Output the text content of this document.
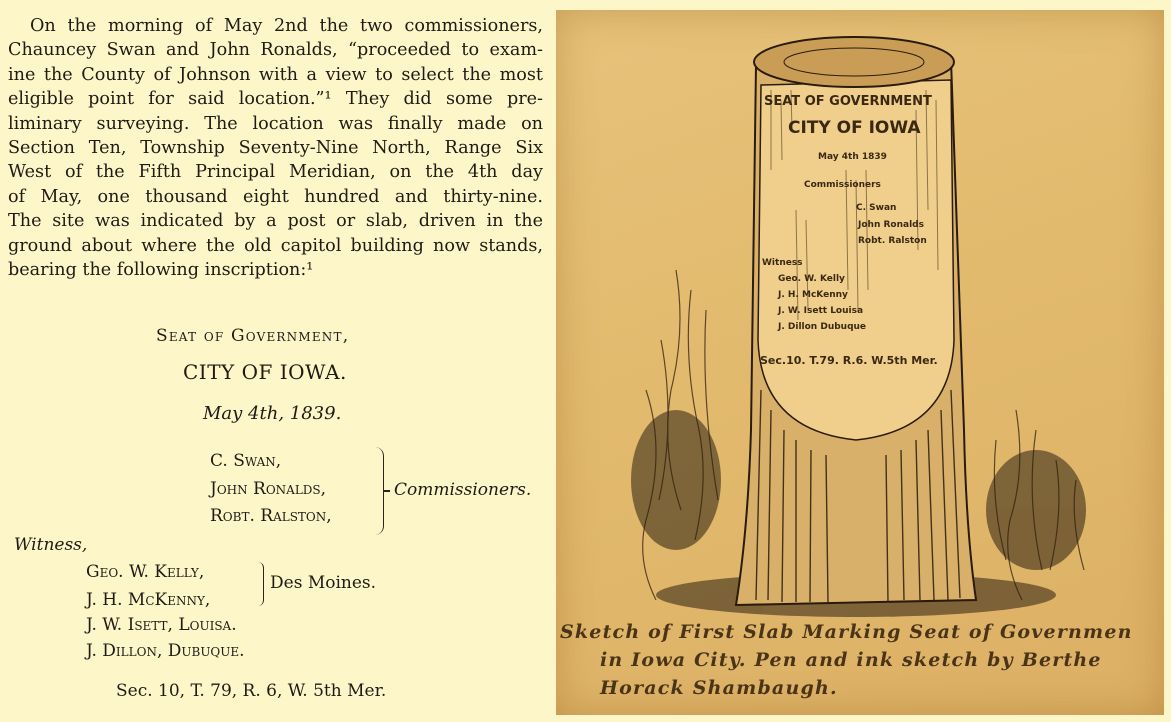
On the morning of May 2nd the two commissioners,
Chauncey Swan and John Ronalds, “proceeded to exam-
ine the County of Johnson with a view to select the most
eligible point for said location.”¹ They did some pre-
liminary surveying. The location was finally made on
Section Ten, Township Seventy-Nine North, Range Six
West of the Fifth Principal Meridian, on the 4th day
of May, one thousand eight hundred and thirty-nine.
The site was indicated by a post or slab, driven in the
ground about where the old capitol building now stands,
bearing the following inscription:¹
Seat of Government,
CITY OF IOWA.
May 4th, 1839.
C. Swan,
John Ronalds,
Robt. Ralston,
Commissioners.
Witness,
Geo. W. Kelly,
J. H. McKenny,
Des Moines.
J. W. Isett, Louisa.
J. Dillon, Dubuque.
Sec. 10, T. 79, R. 6, W. 5th Mer.
SEAT OF GOVERNMENT
CITY OF IOWA
May 4th 1839
Commissioners
C. Swan
John Ronalds
Robt. Ralston
Witness
Geo. W. Kelly
J. H. McKenny
J. W. Isett Louisa
J. Dillon Dubuque
Sec.10. T.79. R.6. W.5th Mer.
Sketch of First Slab Marking Seat of Governmen
in Iowa City. Pen and ink sketch by Berthe
Horack Shambaugh.
